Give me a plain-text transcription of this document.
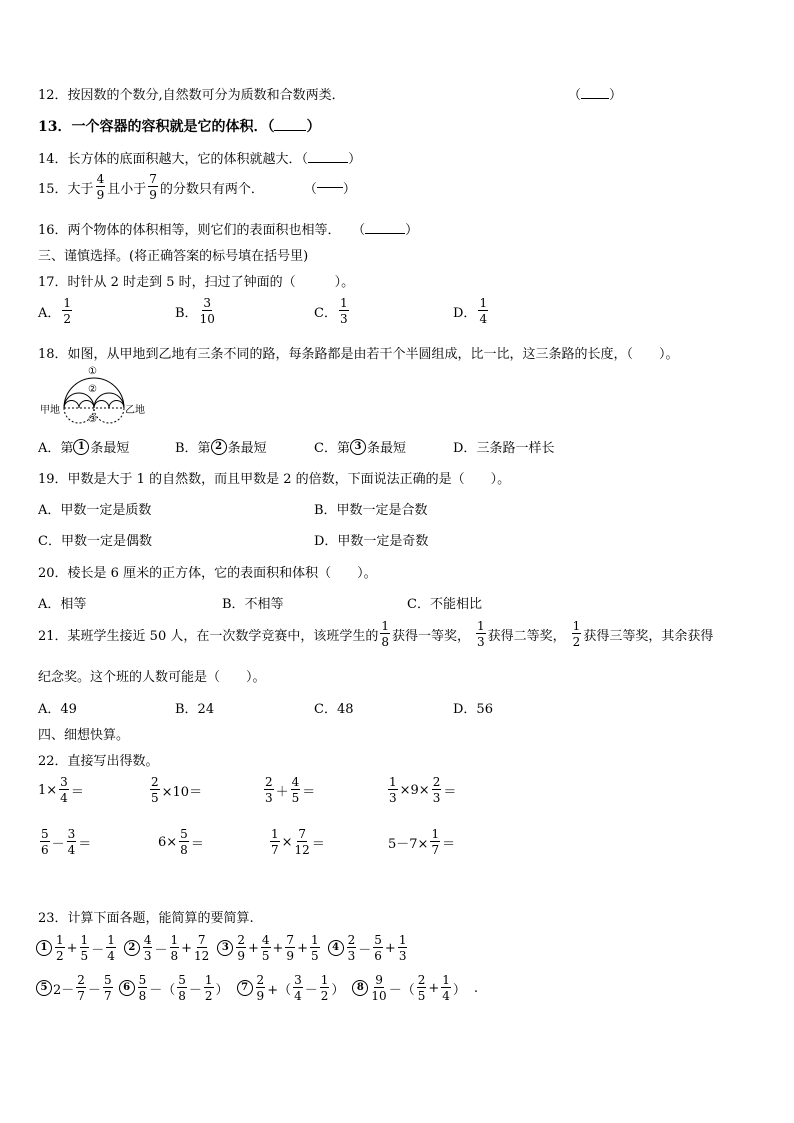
12．按因数的个数分,自然数可分为质数和合数两类．	（ ）
13．一个容器的容积就是它的体积．（ ）
14．长方体的底面积越大，它的体积就越大．（	）
15． 大于 $\frac{4}{9}$ 且小于 $\frac{7}{9}$ 的分数只有两个．	（ ）
16．两个物体的体积相等，则它们的表面积也相等． （	）
三、谨慎选择。(将正确答案的标号填在括号里)
17．时针从 2 时走到 5 时，扫过了钟面的（　　　）。
A． $\frac{1}{2}$	B． $\frac{3}{10}$	C． $\frac{1}{3}$	D． $\frac{1}{4}$
18．如图，从甲地到乙地有三条不同的路，每条路都是由若干个半圆组成，比一比，这三条路的长度，（　　）。
甲地	乙地
①
②
③
A．第 1 条最短	B．第 2 条最短	C．第 3 条最短	D． 三条路一样长
19．甲数是大于 1 的自然数，而且甲数是 2 的倍数，下面说法正确的是（　　）。
A．甲数一定是质数	B．甲数一定是合数
C．甲数一定是偶数	D．甲数一定是奇数
20．棱长是 6 厘米的正方体，它的表面积和体积（　　）。
A．相等	B．不相等	C．不能相比
21． 某班学生接近 50 人，在一次数学竞赛中，该班学生的 $\frac{1}{8}$ 获得一等奖， $\frac{1}{3}$ 获得二等奖， $\frac{1}{2}$ 获得三等奖，其余获得
纪念奖。这个班的人数可能是（　　）。
A．49	B．24	C．48	D．56
四、细想快算。
22．直接写出得数。
$1\times \frac{3}{4}$ ＝	$\frac{2}{5} \times 10=$	$\frac{2}{3} + \frac{4}{5}$ ＝	$\frac{1}{3} \times 9\times \frac{2}{3}$ ＝
$\frac{5}{6} - \frac{3}{4}$ ＝	$6\times \frac{5}{8}$ ＝	$\frac{1}{7} \times \frac{7}{12}$ ＝	$5-7\times \frac{1}{7}$ ＝
23．计算下面各题，能简算的要简算.
$1 \frac{1}{2} + \frac{1}{5} - \frac{1}{4}$	$2 \frac{4}{3} - \frac{1}{8} + \frac{7}{12}$	$3 \frac{2}{9} + \frac{4}{5} + \frac{7}{9} + \frac{1}{5}$	$4 \frac{2}{3} - \frac{5}{6} + \frac{1}{3}$
5 $2- \frac{2}{7} - \frac{5}{7}$	$6 \frac{5}{8}$ －（ $\frac{5}{8} - \frac{1}{2}$ ）	$7 \frac{2}{9}$ +（ $\frac{3}{4} - \frac{1}{2}$ ）	$8 \frac{9}{10}$ －（ $\frac{2}{5} + \frac{1}{4}$ ） .
